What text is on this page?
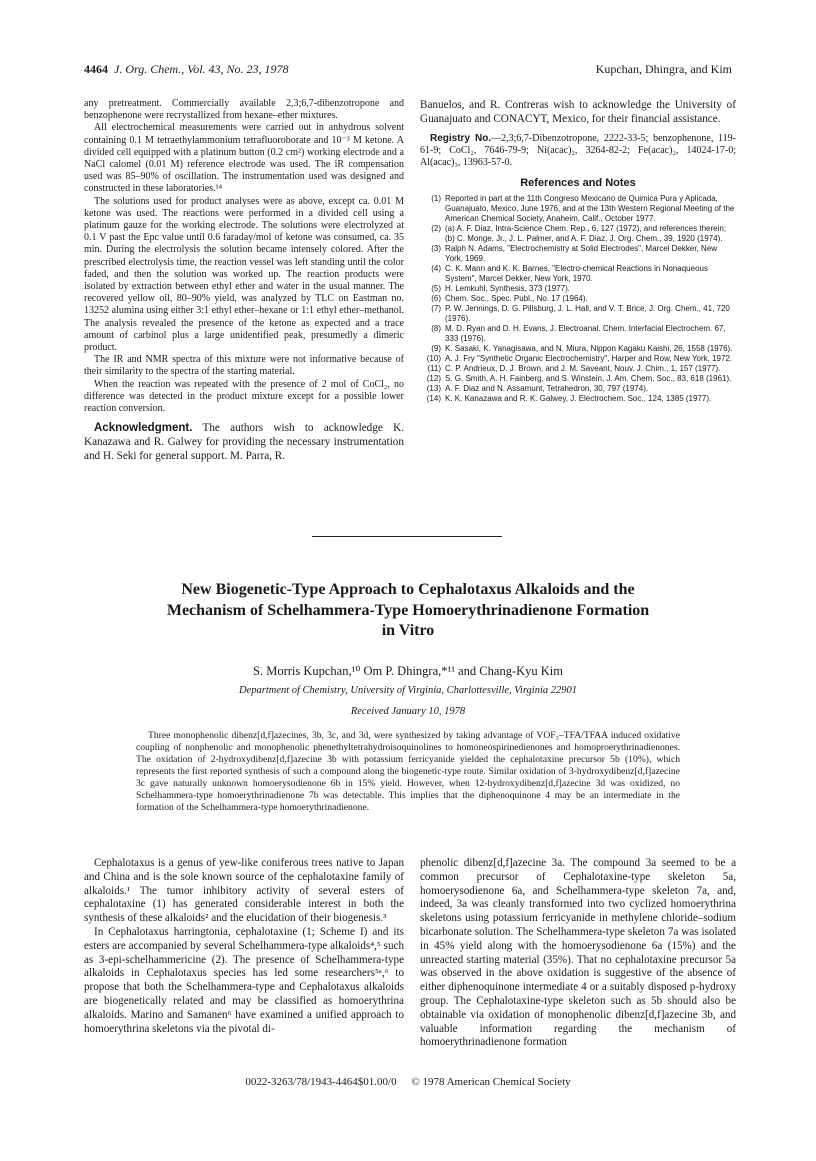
4464 J. Org. Chem., Vol. 43, No. 23, 1978	Kupchan, Dhingra, and Kim

any pretreatment. Commercially available 2,3;6,7-dibenzotropone and benzophenone were recrystallized from hexane–ether mixtures.

All electrochemical measurements were carried out in anhydrous solvent containing 0.1 M tetraethylammonium tetrafluoroborate and 10⁻³ M ketone. A divided cell equipped with a platinum button (0.2 cm²) working electrode and a NaCl calomel (0.01 M) reference electrode was used. The iR compensation used was 85–90% of oscillation. The instrumentation used was designed and constructed in these laboratories.¹⁴

The solutions used for product analyses were as above, except ca. 0.01 M ketone was used. The reactions were performed in a divided cell using a platinum gauze for the working electrode. The solutions were electrolyzed at 0.1 V past the Epc value until 0.6 faraday/mol of ketone was consumed, ca. 35 min. During the electrolysis the solution became intensely colored. After the prescribed electrolysis time, the reaction vessel was left standing until the color faded, and then the solution was worked up. The reaction products were isolated by extraction between ethyl ether and water in the usual manner. The recovered yellow oil, 80–90% yield, was analyzed by TLC on Eastman no. 13252 alumina using either 3:1 ethyl ether–hexane or 1:1 ethyl ether–methanol. The analysis revealed the presence of the ketone as expected and a trace amount of carbinol plus a large unidentified peak, presumedly a dimeric product.

The IR and NMR spectra of this mixture were not informative because of their similarity to the spectra of the starting material.

When the reaction was repeated with the presence of 2 mol of CoCl₂, no difference was detected in the product mixture except for a possible lower reaction conversion.

Acknowledgment. The authors wish to acknowledge K. Kanazawa and R. Galwey for providing the necessary instrumentation and H. Seki for general support. M. Parra, R.

Banuelos, and R. Contreras wish to acknowledge the University of Guanajuato and CONACYT, Mexico, for their financial assistance.

Registry No.—2,3;6,7-Dibenzotropone, 2222-33-5; benzophenone, 119-61-9; CoCl₂, 7646-79-9; Ni(acac)₂, 3264-82-2; Fe(acac)₂, 14024-17-0; Al(acac)₃, 13963-57-0.

References and Notes

(1) Reported in part at the 11th Congreso Mexicano de Quimica Pura y Aplicada, Guanajuato, Mexico, June 1976, and at the 13th Western Regional Meeting of the American Chemical Society, Anaheim, Calif., October 1977.
(2) (a) A. F. Diaz, Intra-Science Chem. Rep., 6, 127 (1972), and references therein; (b) C. Monge, Jr., J. L. Palmer, and A. F. Diaz, J. Org. Chem., 39, 1920 (1974).
(3) Ralph N. Adams, "Electrochemistry at Solid Electrodes", Marcel Dekker, New York, 1969.
(4) C. K. Mann and K. K. Barnes, "Electro-chemical Reactions in Nonaqueous System", Marcel Dekker, New York, 1970.
(5) H. Lemkuhl, Synthesis, 373 (1977).
(6) Chem. Soc., Spec. Publ., No. 17 (1964).
(7) P. W. Jennings, D. G. Pillsburg, J. L. Hall, and V. T. Brice, J. Org. Chem., 41, 720 (1976).
(8) M. D. Ryan and D. H. Evans, J. Electroanal. Chem. Interfacial Electrochem. 67, 333 (1976).
(9) K. Sasaki, K. Yanagisawa, and N. Miura, Nippon Kagaku Kaishi, 26, 1558 (1976).
(10) A. J. Fry "Synthetic Organic Electrochemistry", Harper and Row, New York, 1972.
(11) C. P. Andrieux, D. J. Brown, and J. M. Saveant, Nouv. J. Chim., 1, 157 (1977).
(12) S. G. Smith, A. H. Fainberg, and S. Winstein, J. Am. Chem. Soc., 83, 618 (1961).
(13) A. F. Diaz and N. Assamunt, Tetrahedron, 30, 797 (1974).
(14) K. K. Kanazawa and R. K. Galwey, J. Electrochem. Soc., 124, 1385 (1977).
New Biogenetic-Type Approach to Cephalotaxus Alkaloids and the
Mechanism of Schelhammera-Type Homoerythrinadienone Formation
in Vitro
S. Morris Kupchan,¹⁰ Om P. Dhingra,*¹¹ and Chang-Kyu Kim
Department of Chemistry, University of Virginia, Charlottesville, Virginia 22901
Received January 10, 1978
Three monophenolic dibenz[d,f]azecines, 3b, 3c, and 3d, were synthesized by taking advantage of VOF₃–TFA/TFAA induced oxidative coupling of nonphenolic and monophenolic phenethyltetrahydroisoquinolines to homoneospirinedienones and homoproerythrinadienones. The oxidation of 2-hydroxydibenz[d,f]azecine 3b with potassium ferricyanide yielded the cephalotaxine precursor 5b (10%), which represents the first reported synthesis of such a compound along the biogenetic-type route. Similar oxidation of 3-hydroxydibenz[d,f]azecine 3c gave naturally unknown homoerysodienone 6b in 15% yield. However, when 12-hydroxydibenz[d,f]azecine 3d was oxidized, no Schelhammera-type homoerythrinadienone 7b was detectable. This implies that the diphenoquinone 4 may be an intermediate in the formation of the Schelhammera-type homoerythrinadienone.

Cephalotaxus is a genus of yew-like coniferous trees native to Japan and China and is the sole known source of the cephalotaxine family of alkaloids.¹ The tumor inhibitory activity of several esters of cephalotaxine (1) has generated considerable interest in both the synthesis of these alkaloids² and the elucidation of their biogenesis.³

In Cephalotaxus harringtonia, cephalotaxine (1; Scheme I) and its esters are accompanied by several Schelhammera-type alkaloids⁴,⁵ such as 3-epi-schelhammericine (2). The presence of Schelhammera-type alkaloids in Cephalotaxus species has led some researchers⁵ᵃ,⁶ to propose that both the Schelhammera-type and Cephalotaxus alkaloids are biogenetically related and may be classified as homoerythrina alkaloids. Marino and Samanen⁶ have examined a unified approach to homoerythrina skeletons via the pivotal di-

phenolic dibenz[d,f]azecine 3a. The compound 3a seemed to be a common precursor of Cephalotaxine-type skeleton 5a, homoerysodienone 6a, and Schelhammera-type skeleton 7a, and, indeed, 3a was cleanly transformed into two cyclized homoerythrina skeletons using potassium ferricyanide in methylene chloride–sodium bicarbonate solution. The Schelhammera-type skeleton 7a was isolated in 45% yield along with the homoerysodienone 6a (15%) and the unreacted starting material (35%). That no cephalotaxine precursor 5a was observed in the above oxidation is suggestive of the absence of either diphenoquinone intermediate 4 or a suitably disposed p-hydroxy group. The Cephalotaxine-type skeleton such as 5b should also be obtainable via oxidation of monophenolic dibenz[d,f]azecine 3b, and valuable information regarding the mechanism of homoerythrinadienone formation

0022-3263/78/1943-4464$01.00/0 © 1978 American Chemical Society
